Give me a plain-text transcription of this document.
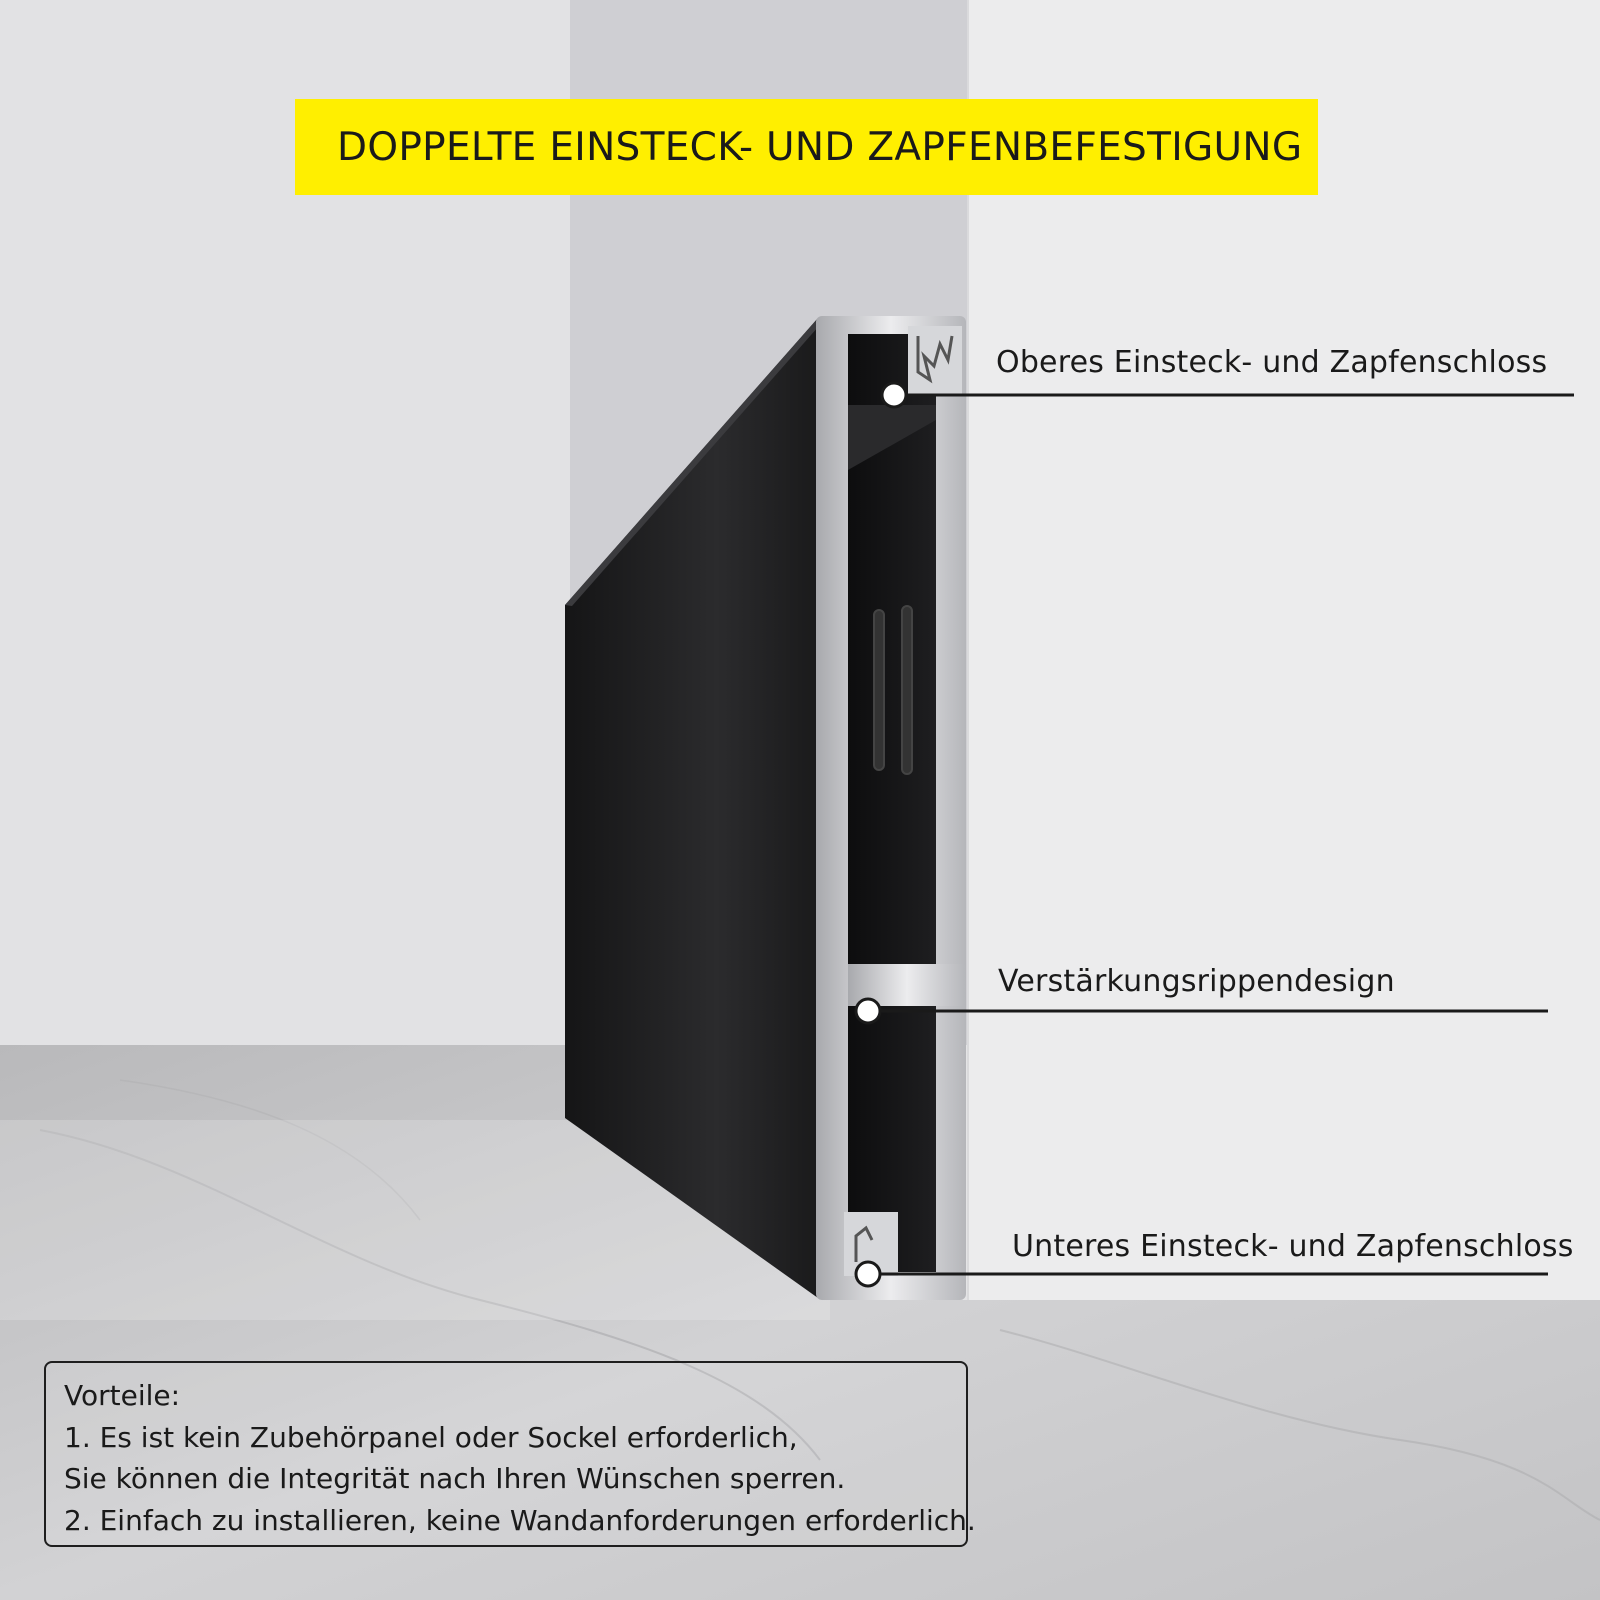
DOPPELTE EINSTECK- UND ZAPFENBEFESTIGUNG
Oberes Einsteck- und Zapfenschloss
Verstärkungsrippendesign
Unteres Einsteck- und Zapfenschloss
Vorteile:
1. Es ist kein Zubehörpanel oder Sockel erforderlich,
Sie können die Integrität nach Ihren Wünschen sperren.
2. Einfach zu installieren, keine Wandanforderungen erforderlich.
